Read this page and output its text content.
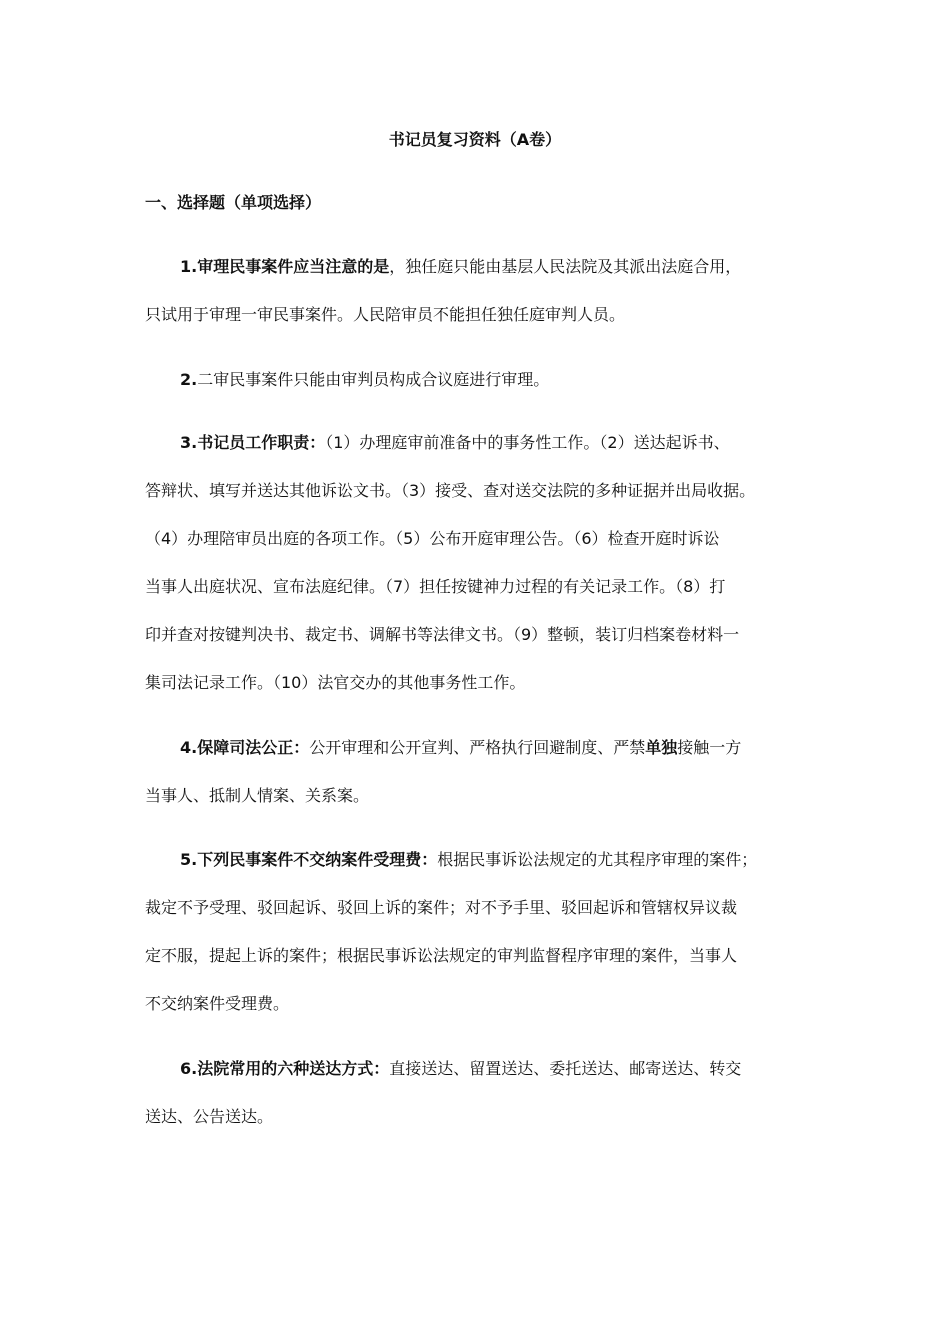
书记员复习资料（A卷）
一、选择题（单项选择）
1.审理民事案件应当注意的是，独任庭只能由基层人民法院及其派出法庭合用，
只试用于审理一审民事案件。人民陪审员不能担任独任庭审判人员。
2.二审民事案件只能由审判员构成合议庭进行审理。
3.书记员工作职责：（1）办理庭审前准备中的事务性工作。（2）送达起诉书、
答辩状、填写并送达其他诉讼文书。（3）接受、查对送交法院的多种证据并出局收据。
（4）办理陪审员出庭的各项工作。（5）公布开庭审理公告。（6）检查开庭时诉讼
当事人出庭状况、宣布法庭纪律。（7）担任按键神力过程的有关记录工作。（8）打
印并查对按键判决书、裁定书、调解书等法律文书。（9）整顿，装订归档案卷材料一
集司法记录工作。（10）法官交办的其他事务性工作。
4.保障司法公正：公开审理和公开宣判、严格执行回避制度、严禁单独接触一方
当事人、抵制人情案、关系案。
5.下列民事案件不交纳案件受理费：根据民事诉讼法规定的尤其程序审理的案件；
裁定不予受理、驳回起诉、驳回上诉的案件；对不予手里、驳回起诉和管辖权异议裁
定不服，提起上诉的案件；根据民事诉讼法规定的审判监督程序审理的案件，当事人
不交纳案件受理费。
6.法院常用的六种送达方式：直接送达、留置送达、委托送达、邮寄送达、转交
送达、公告送达。
